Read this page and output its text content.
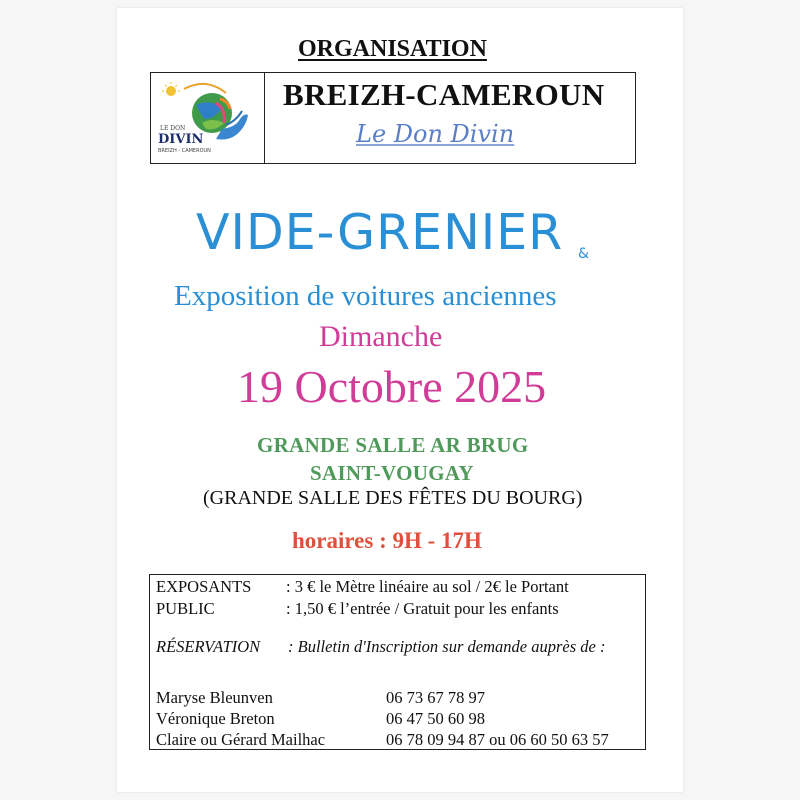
ORGANISATION
LE DON
DIVIN
BREIZH - CAMEROUN
BREIZH-CAMEROUN
Le Don Divin
VIDE-GRENIER &
Exposition de voitures anciennes
Dimanche
19 Octobre 2025
GRANDE SALLE AR BRUG
SAINT-VOUGAY
(GRANDE SALLE DES FÊTES DU BOURG)
horaires : 9H - 17H
EXPOSANTS : 3 € le Mètre linéaire au sol / 2€ le Portant
PUBLIC	: 1,50 € l’entrée / Gratuit pour les enfants
RÉSERVATION : Bulletin d'Inscription sur demande auprès de :
Maryse Bleunven	06 73 67 78 97
Véronique Breton	06 47 50 60 98
Claire ou Gérard Mailhac	06 78 09 94 87 ou 06 60 50 63 57
